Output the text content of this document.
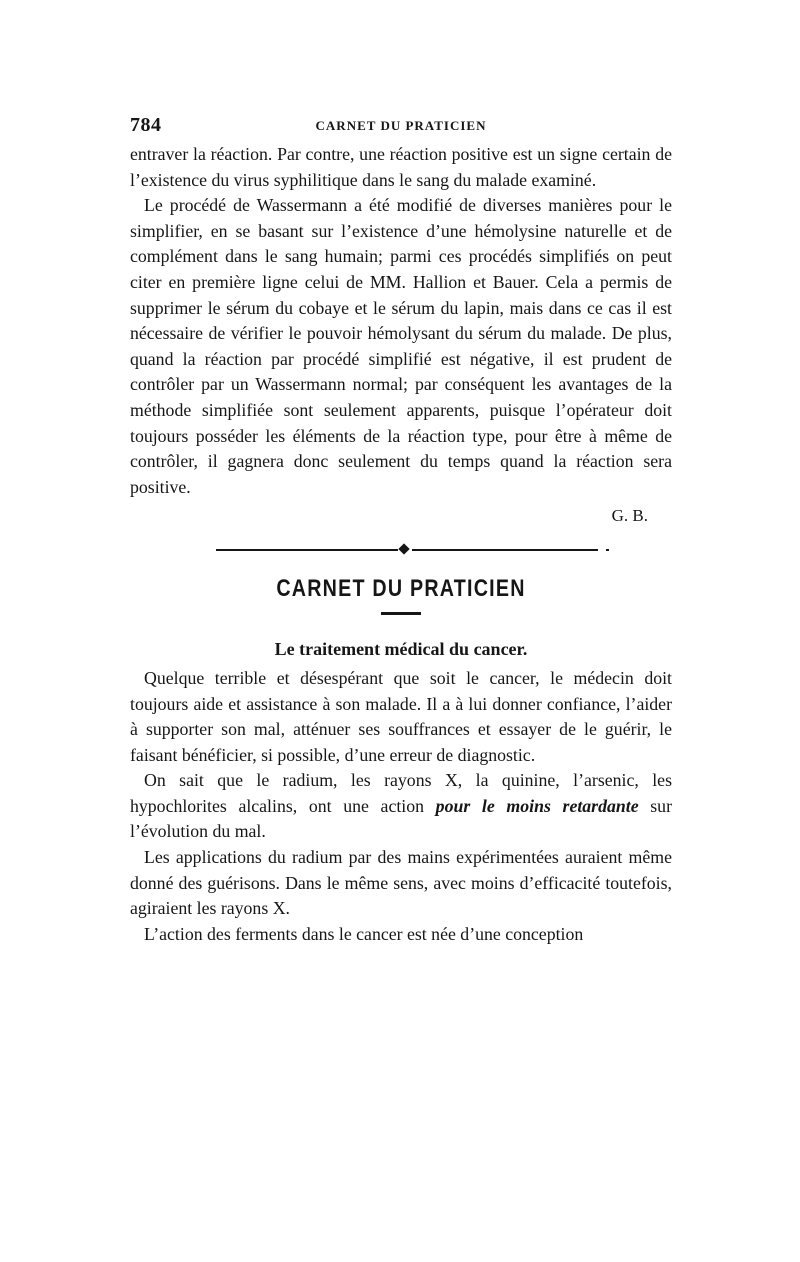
784	CARNET DU PRATICIEN

entraver la réaction. Par contre, une réaction positive est un signe certain de l’existence du virus syphilitique dans le sang du malade examiné.

Le procédé de Wassermann a été modifié de diverses manières pour le simplifier, en se basant sur l’existence d’une hémolysine naturelle et de complément dans le sang humain; parmi ces procédés simplifiés on peut citer en première ligne celui de MM. Hallion et Bauer. Cela a permis de supprimer le sérum du cobaye et le sérum du lapin, mais dans ce cas il est nécessaire de vérifier le pouvoir hémolysant du sérum du malade. De plus, quand la réaction par procédé simplifié est négative, il est prudent de contrôler par un Wassermann normal; par conséquent les avantages de la méthode simplifiée sont seulement apparents, puisque l’opérateur doit toujours posséder les éléments de la réaction type, pour être à même de contrôler, il gagnera donc seulement du temps quand la réaction sera positive.

G. B.
CARNET DU PRATICIEN
Le traitement médical du cancer.

Quelque terrible et désespérant que soit le cancer, le médecin doit toujours aide et assistance à son malade. Il a à lui donner confiance, l’aider à supporter son mal, atténuer ses souffrances et essayer de le guérir, le faisant bénéficier, si possible, d’une erreur de diagnostic.

On sait que le radium, les rayons X, la quinine, l’arsenic, les hypochlorites alcalins, ont une action pour le moins retardante sur l’évolution du mal.

Les applications du radium par des mains expérimentées auraient même donné des guérisons. Dans le même sens, avec moins d’efficacité toutefois, agiraient les rayons X.

L’action des ferments dans le cancer est née d’une conception
